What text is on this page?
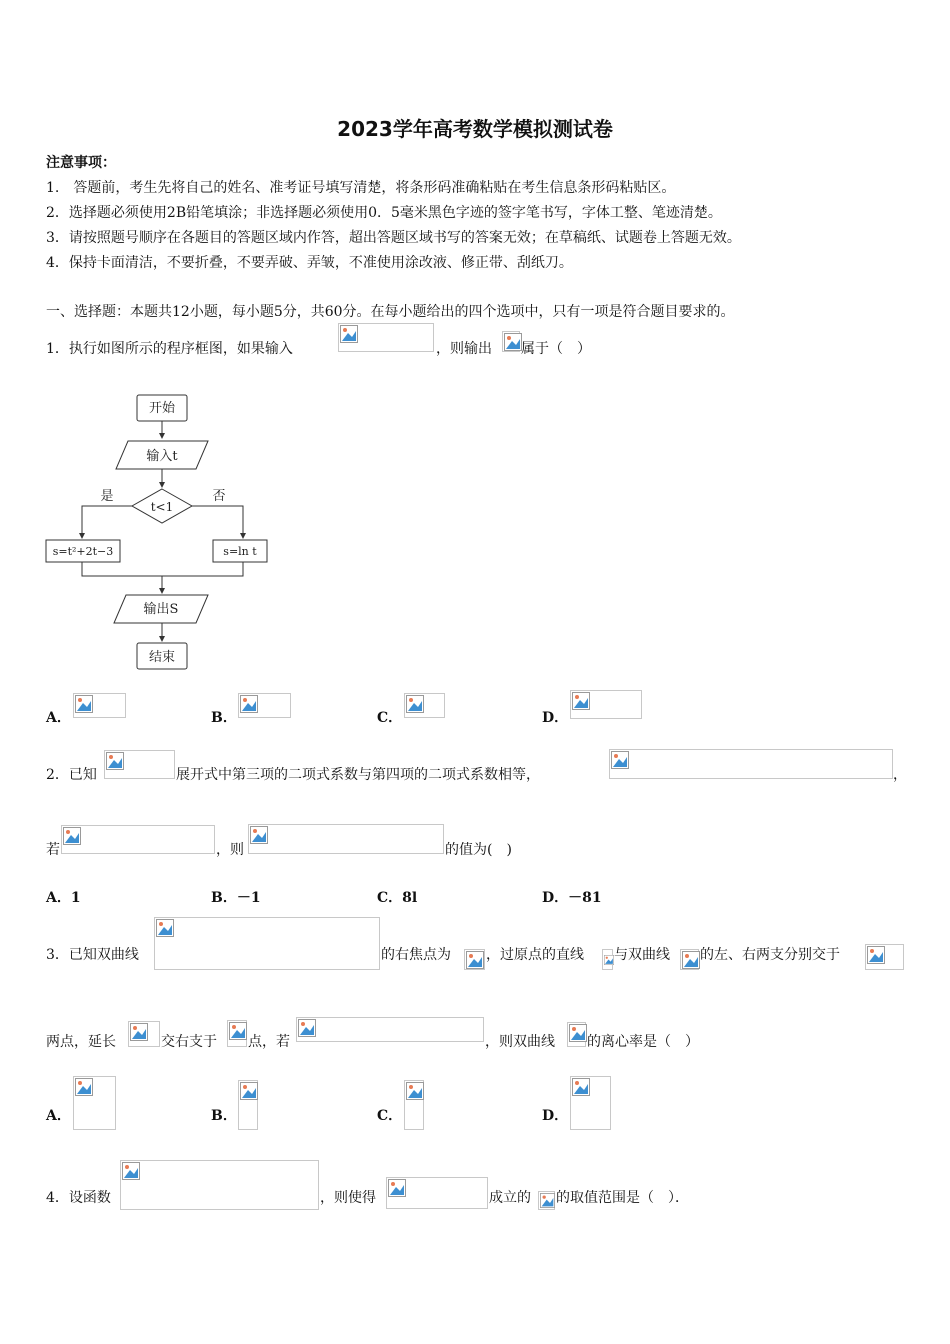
2023学年高考数学模拟测试卷
注意事项：
1.　答题前，考生先将自己的姓名、准考证号填写清楚，将条形码准确粘贴在考生信息条形码粘贴区。
2．选择题必须使用2B铅笔填涂；非选择题必须使用0．5毫米黑色字迹的签字笔书写，字体工整、笔迹清楚。
3．请按照题号顺序在各题目的答题区域内作答，超出答题区域书写的答案无效；在草稿纸、试题卷上答题无效。
4．保持卡面清洁，不要折叠，不要弄破、弄皱，不准使用涂改液、修正带、刮纸刀。
一、选择题：本题共12小题，每小题5分，共60分。在每小题给出的四个选项中，只有一项是符合题目要求的。
1．执行如图所示的程序框图，如果输入	，则输出 属于（　）
开始
输入t
t<1
是	否
s=t²+2t−3	s=ln t
输出S
结束
A．	B．	C．	D．
2．已知	展开式中第三项的二项式系数与第四项的二项式系数相等，	，
若	，则	的值为(　)
A．1	B．－1	C．8l	D．－81
3．已知双曲线	的右焦点为	，过原点的直线 与双曲线 的左、右两支分别交于
两点，延长	交右支于 点，若	，则双曲线 的离心率是（　）
A．	B．	C．	D．
4．设函数	，则使得	成立的 的取值范围是（　）．
